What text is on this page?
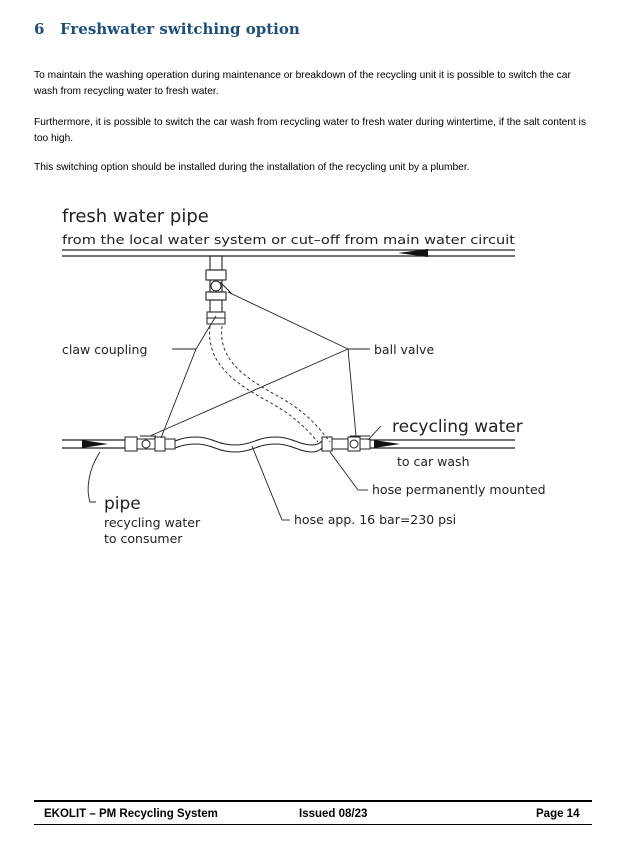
6 Freshwater switching option

To maintain the washing operation during maintenance or breakdown of the recycling unit it is possible to switch the car wash from recycling water to fresh water.

Furthermore, it is possible to switch the car wash from recycling water to fresh water during wintertime, if the salt content is too high.

This switching option should be installed during the installation of the recycling unit by a plumber.

fresh water pipe
from the local water system or cut–off from main water circuit
claw coupling	ball valve
recycling water
to car wash
hose permanently mounted
pipe
recycling water
to consumer
hose app. 16 bar=230 psi
EKOLIT – PM Recycling System	Issued 08/23	Page 14
